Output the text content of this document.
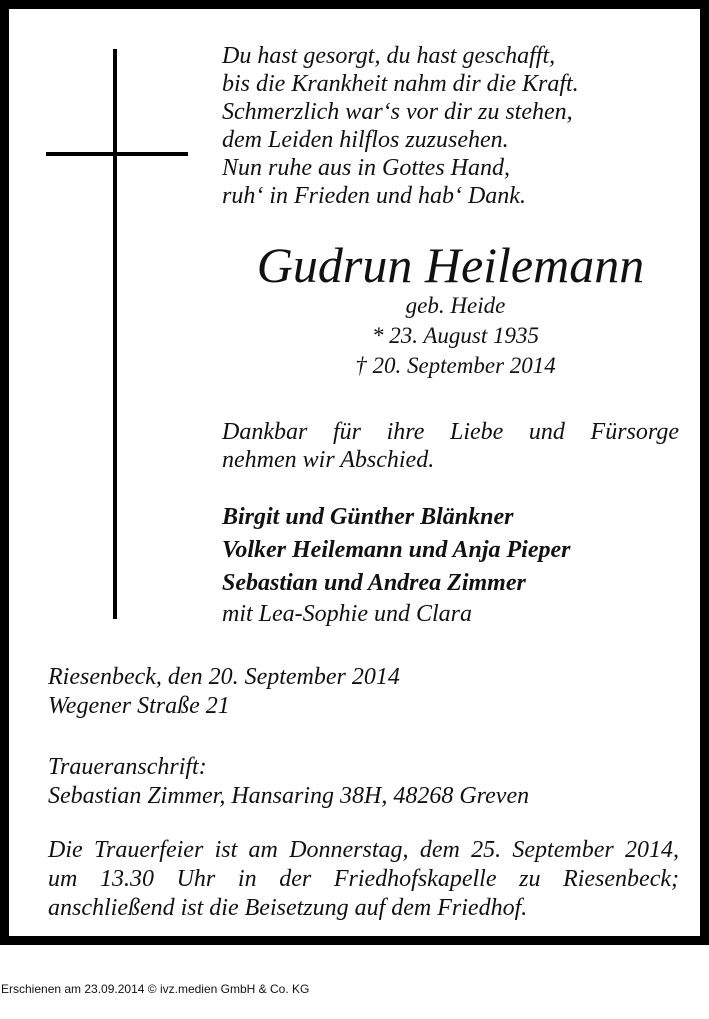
Du hast gesorgt, du hast geschafft,
bis die Krankheit nahm dir die Kraft.
Schmerzlich war‘s vor dir zu stehen,
dem Leiden hilflos zuzusehen.
Nun ruhe aus in Gottes Hand,
ruh‘ in Frieden und hab‘ Dank.
Gudrun Heilemann
geb. Heide
* 23. August 1935
† 20. September 2014
Dankbar für ihre Liebe und Fürsorge
nehmen wir Abschied.
Birgit und Günther Blänkner
Volker Heilemann und Anja Pieper
Sebastian und Andrea Zimmer
mit Lea-Sophie und Clara
Riesenbeck, den 20. September 2014
Wegener Straße 21
Traueranschrift:
Sebastian Zimmer, Hansaring 38H, 48268 Greven
Die Trauerfeier ist am Donnerstag, dem 25. September 2014,
um 13.30 Uhr in der Friedhofskapelle zu Riesenbeck;
anschließend ist die Beisetzung auf dem Friedhof.
Erschienen am 23.09.2014 © ivz.medien GmbH & Co. KG
